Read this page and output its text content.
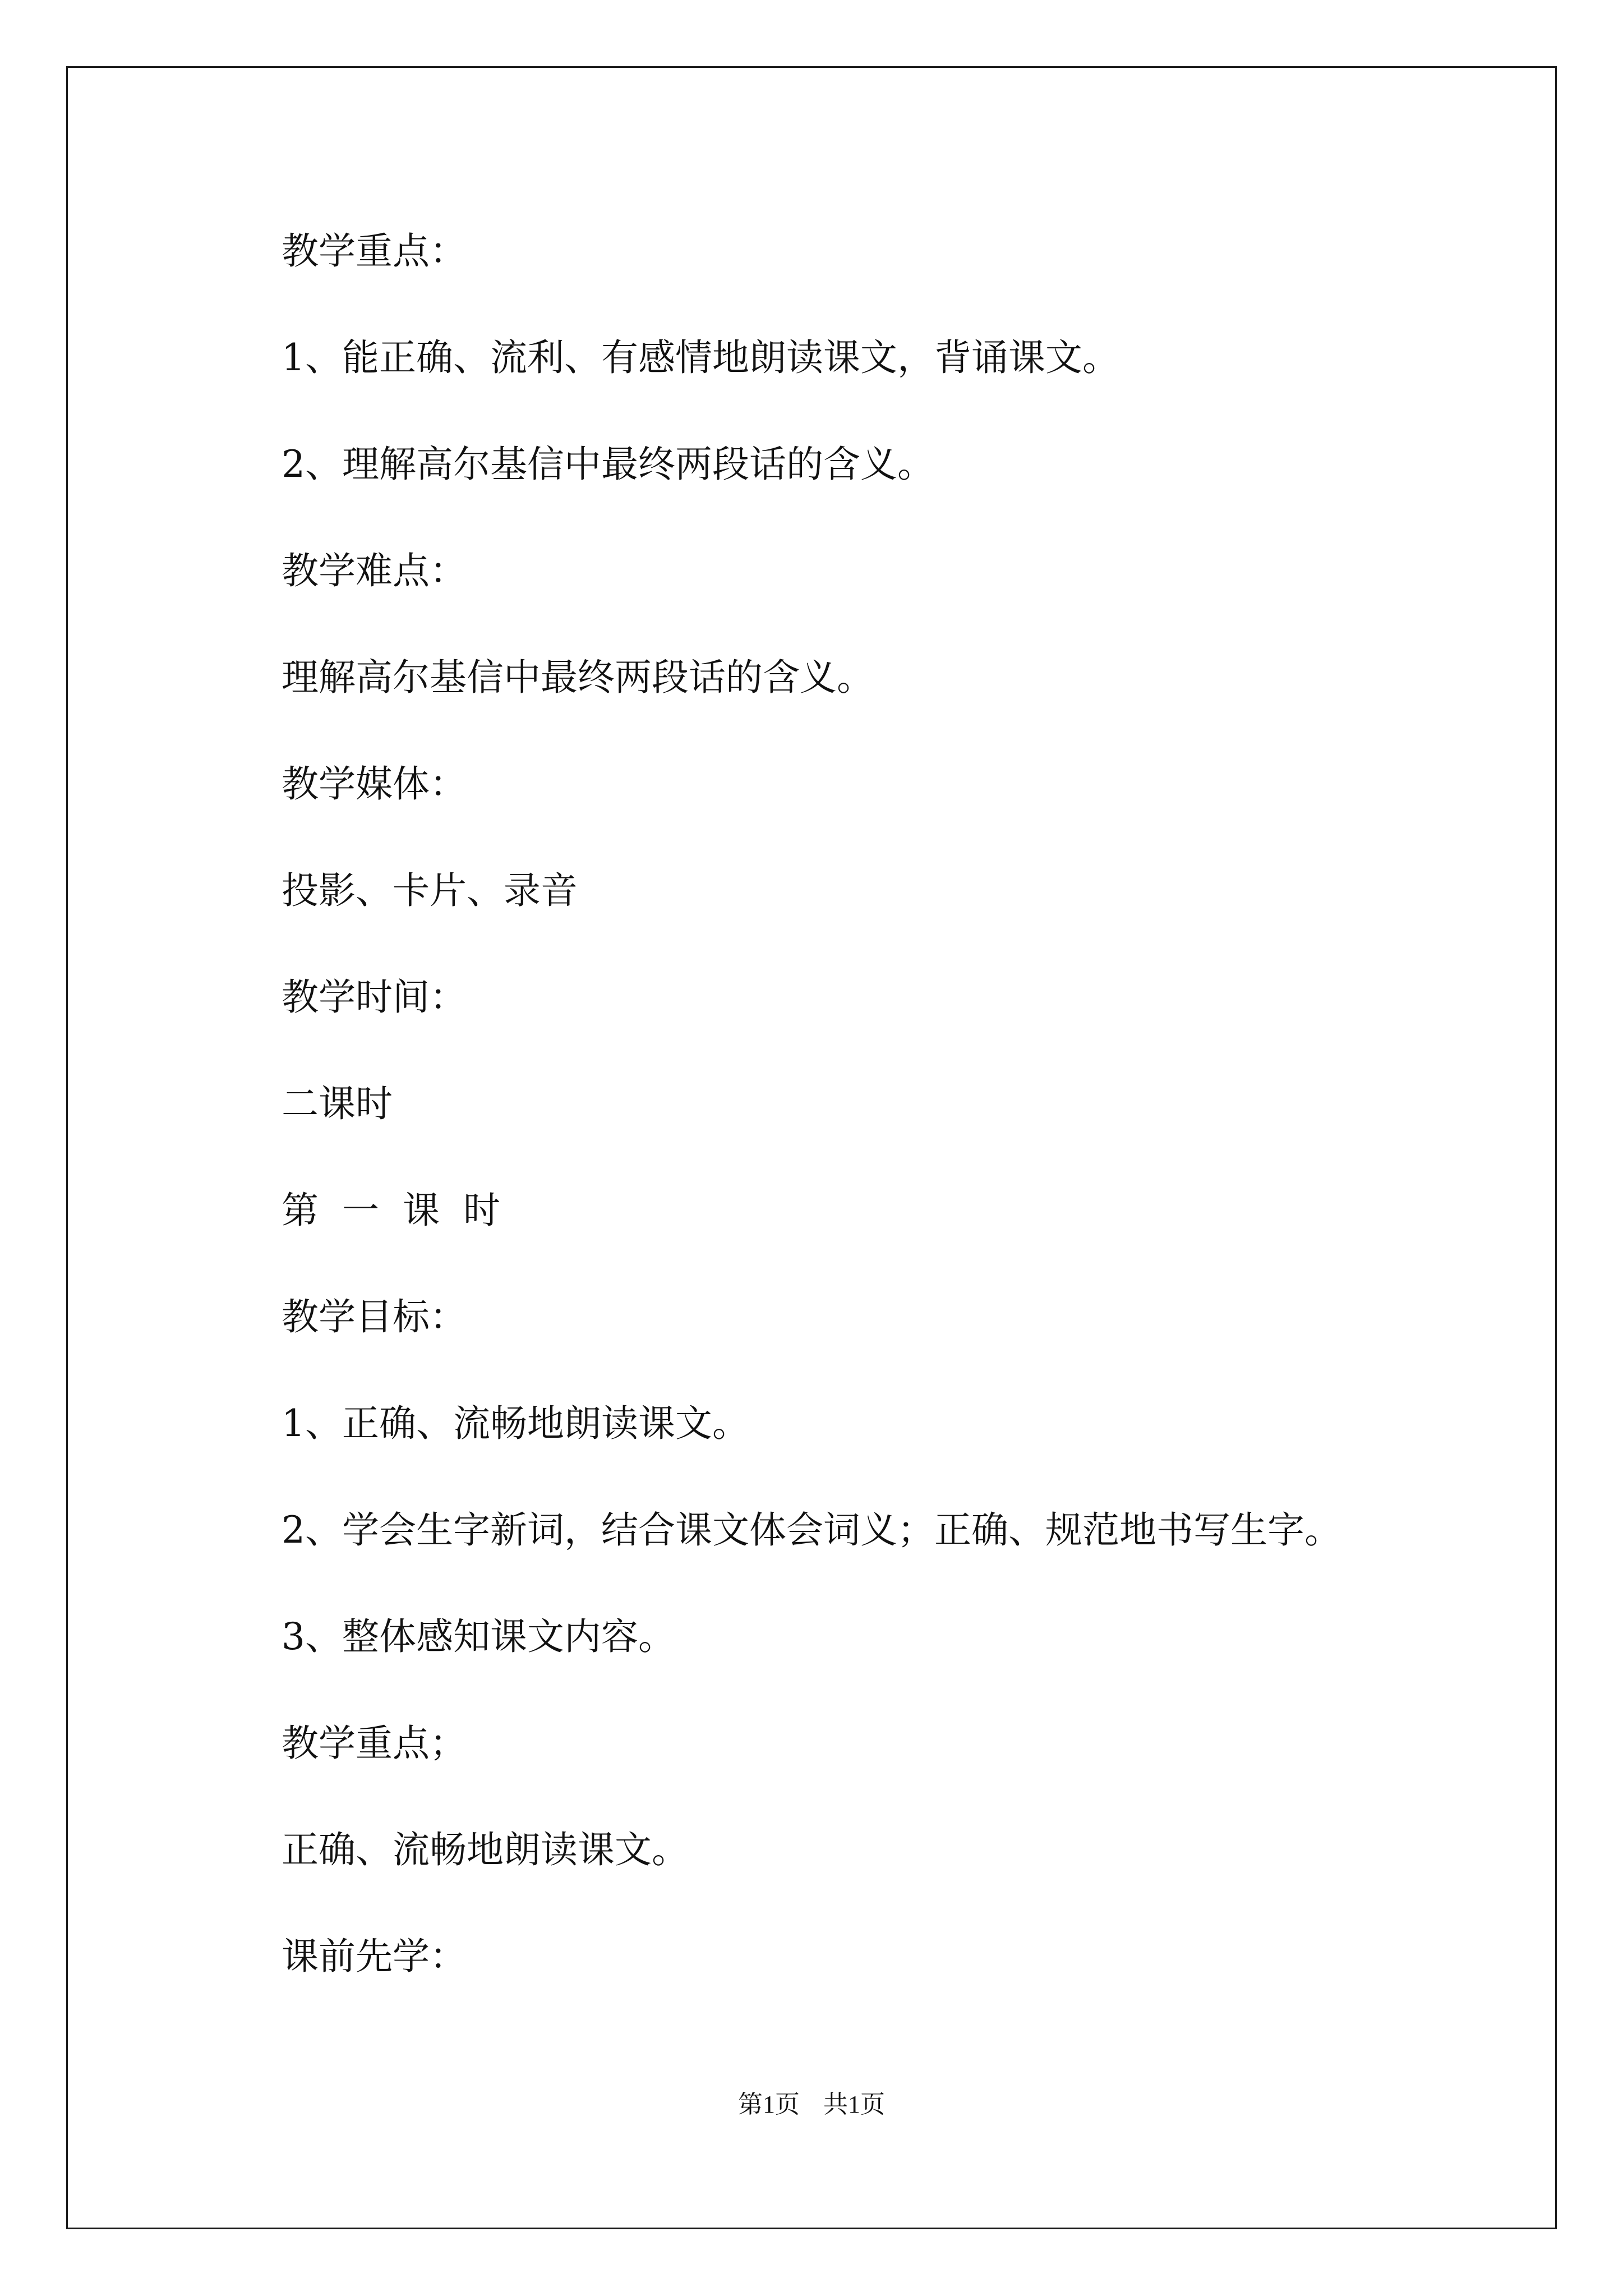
教学重点：
1、能正确、流利、有感情地朗读课文，背诵课文。
2、理解高尔基信中最终两段话的含义。
教学难点：
理解高尔基信中最终两段话的含义。
教学媒体：
投影、卡片、录音
教学时间：
二课时
第一课时
教学目标：
1、正确、流畅地朗读课文。
2、学会生字新词，结合课文体会词义；正确、规范地书写生字。
3、整体感知课文内容。
教学重点；
正确、流畅地朗读课文。
课前先学：
第1页 共1页
